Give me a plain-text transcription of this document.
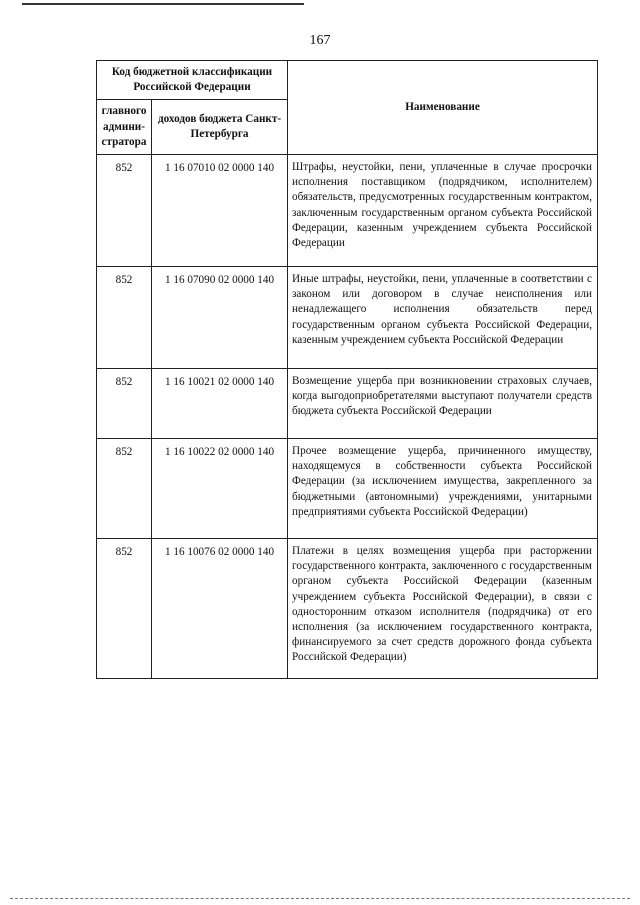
167
Код бюджетной классификации Российской Федерации		Наименование
главного админи-стратора	доходов бюджета Санкт-Петербурга	
852	1 16 07010 02 0000 140	Штрафы, неустойки, пени, уплаченные в случае просрочки исполнения поставщиком (подрядчиком, исполнителем) обязательств, предусмотренных государственным контрактом, заключенным государственным органом субъекта Российской Федерации, казенным учреждением субъекта Российской Федерации
852	1 16 07090 02 0000 140	Иные штрафы, неустойки, пени, уплаченные в соответствии с законом или договором в случае неисполнения или ненадлежащего исполнения обязательств перед государственным органом субъекта Российской Федерации, казенным учреждением субъекта Российской Федерации
852	1 16 10021 02 0000 140	Возмещение ущерба при возникновении страховых случаев, когда выгодоприобретателями выступают получатели средств бюджета субъекта Российской Федерации
852	1 16 10022 02 0000 140	Прочее возмещение ущерба, причиненного имуществу, находящемуся в собственности субъекта Российской Федерации (за исключением имущества, закрепленного за бюджетными (автономными) учреждениями, унитарными предприятиями субъекта Российской Федерации)
852	1 16 10076 02 0000 140	Платежи в целях возмещения ущерба при расторжении государственного контракта, заключенного с государственным органом субъекта Российской Федерации (казенным учреждением субъекта Российской Федерации), в связи с односторонним отказом исполнителя (подрядчика) от его исполнения (за исключением государственного контракта, финансируемого за счет средств дорожного фонда субъекта Российской Федерации)
